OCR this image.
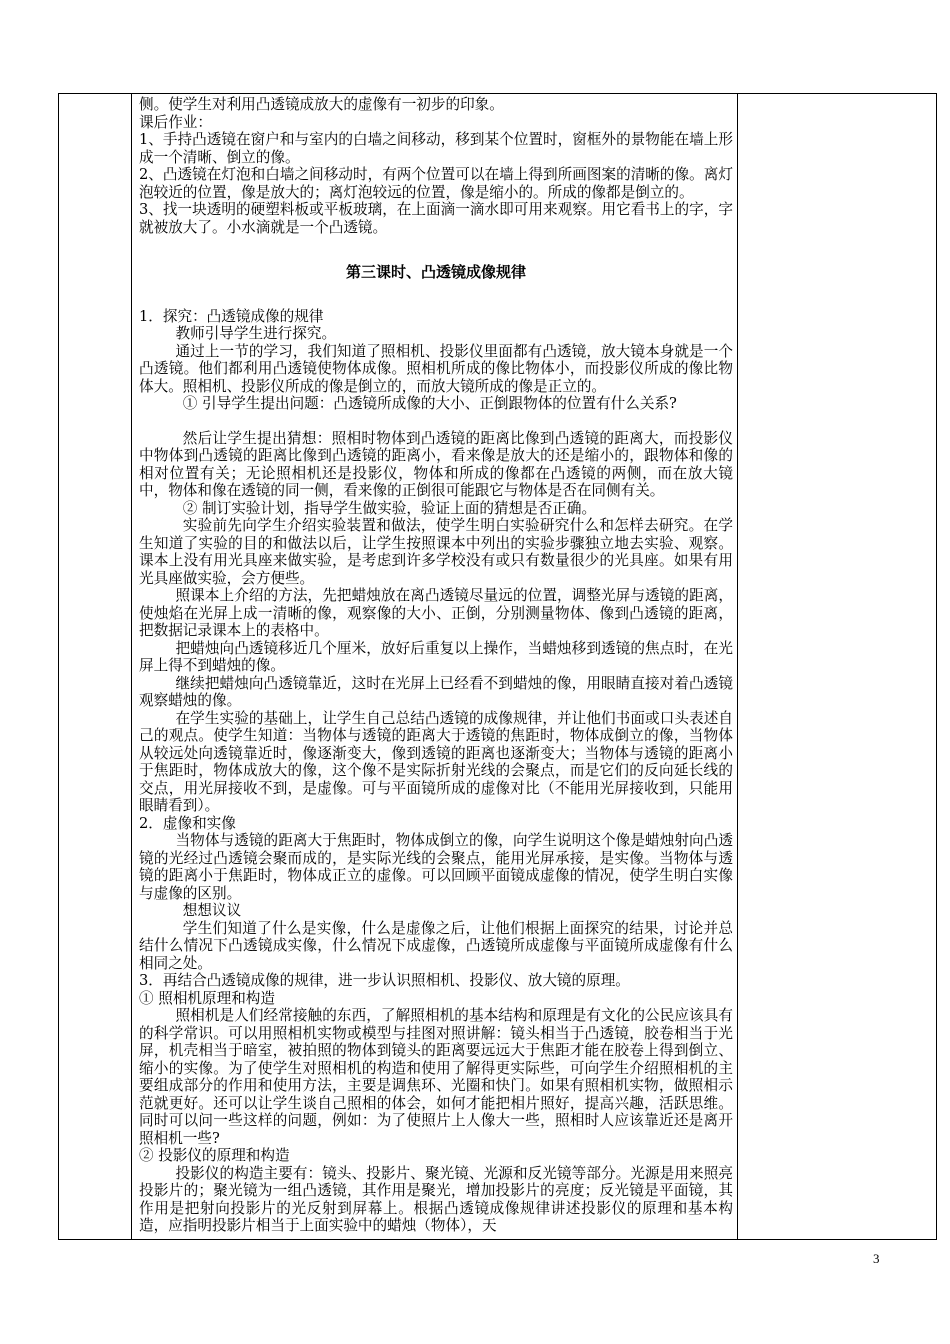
侧。使学生对利用凸透镜成放大的虚像有一初步的印象。

课后作业：

1、手持凸透镜在窗户和与室内的白墙之间移动，移到某个位置时，窗框外的景物能在墙上形成一个清晰、倒立的像。

2、凸透镜在灯泡和白墙之间移动时，有两个位置可以在墙上得到所画图案的清晰的像。离灯泡较近的位置，像是放大的；离灯泡较远的位置，像是缩小的。所成的像都是倒立的。

3、找一块透明的硬塑料板或平板玻璃，在上面滴一滴水即可用来观察。用它看书上的字，字就被放大了。小水滴就是一个凸透镜。

第三课时、凸透镜成像规律

1．探究：凸透镜成像的规律

教师引导学生进行探究。

通过上一节的学习，我们知道了照相机、投影仪里面都有凸透镜，放大镜本身就是一个凸透镜。他们都利用凸透镜使物体成像。照相机所成的像比物体小，而投影仪所成的像比物体大。照相机、投影仪所成的像是倒立的，而放大镜所成的像是正立的。

① 引导学生提出问题：凸透镜所成像的大小、正倒跟物体的位置有什么关系?

然后让学生提出猜想：照相时物体到凸透镜的距离比像到凸透镜的距离大，而投影仪中物体到凸透镜的距离比像到凸透镜的距离小，看来像是放大的还是缩小的，跟物体和像的相对位置有关；无论照相机还是投影仪，物体和所成的像都在凸透镜的两侧，而在放大镜中，物体和像在透镜的同一侧，看来像的正倒很可能跟它与物体是否在同侧有关。

② 制订实验计划，指导学生做实验，验证上面的猜想是否正确。

实验前先向学生介绍实验装置和做法，使学生明白实验研究什么和怎样去研究。在学生知道了实验的目的和做法以后，让学生按照课本中列出的实验步骤独立地去实验、观察。课本上没有用光具座来做实验，是考虑到许多学校没有或只有数量很少的光具座。如果有用光具座做实验，会方便些。

照课本上介绍的方法，先把蜡烛放在离凸透镜尽量远的位置，调整光屏与透镜的距离，使烛焰在光屏上成一清晰的像，观察像的大小、正倒，分别测量物体、像到凸透镜的距离，把数据记录课本上的表格中。

把蜡烛向凸透镜移近几个厘米，放好后重复以上操作，当蜡烛移到透镜的焦点时，在光屏上得不到蜡烛的像。

继续把蜡烛向凸透镜靠近，这时在光屏上已经看不到蜡烛的像，用眼睛直接对着凸透镜观察蜡烛的像。

在学生实验的基础上，让学生自己总结凸透镜的成像规律，并让他们书面或口头表述自己的观点。使学生知道：当物体与透镜的距离大于透镜的焦距时，物体成倒立的像，当物体从较远处向透镜靠近时，像逐渐变大，像到透镜的距离也逐渐变大；当物体与透镜的距离小于焦距时，物体成放大的像，这个像不是实际折射光线的会聚点，而是它们的反向延长线的交点，用光屏接收不到，是虚像。可与平面镜所成的虚像对比（不能用光屏接收到，只能用眼睛看到）。

2．虚像和实像

当物体与透镜的距离大于焦距时，物体成倒立的像，向学生说明这个像是蜡烛射向凸透镜的光经过凸透镜会聚而成的，是实际光线的会聚点，能用光屏承接，是实像。当物体与透镜的距离小于焦距时，物体成正立的虚像。可以回顾平面镜成虚像的情况，使学生明白实像与虚像的区别。

想想议议

学生们知道了什么是实像，什么是虚像之后，让他们根据上面探究的结果，讨论并总结什么情况下凸透镜成实像，什么情况下成虚像，凸透镜所成虚像与平面镜所成虚像有什么相同之处。

3．再结合凸透镜成像的规律，进一步认识照相机、投影仪、放大镜的原理。

① 照相机原理和构造

照相机是人们经常接触的东西，了解照相机的基本结构和原理是有文化的公民应该具有的科学常识。可以用照相机实物或模型与挂图对照讲解：镜头相当于凸透镜，胶卷相当于光屏，机壳相当于暗室，被拍照的物体到镜头的距离要远远大于焦距才能在胶卷上得到倒立、缩小的实像。为了使学生对照相机的构造和使用了解得更实际些，可向学生介绍照相机的主要组成部分的作用和使用方法，主要是调焦环、光圈和快门。如果有照相机实物，做照相示范就更好。还可以让学生谈自己照相的体会，如何才能把相片照好，提高兴趣，活跃思维。同时可以问一些这样的问题，例如：为了使照片上人像大一些，照相时人应该靠近还是离开照相机一些?

② 投影仪的原理和构造

投影仪的构造主要有：镜头、投影片、聚光镜、光源和反光镜等部分。光源是用来照亮投影片的；聚光镜为一组凸透镜，其作用是聚光，增加投影片的亮度；反光镜是平面镜，其作用是把射向投影片的光反射到屏幕上。根据凸透镜成像规律讲述投影仪的原理和基本构造，应指明投影片相当于上面实验中的蜡烛（物体），天

3
